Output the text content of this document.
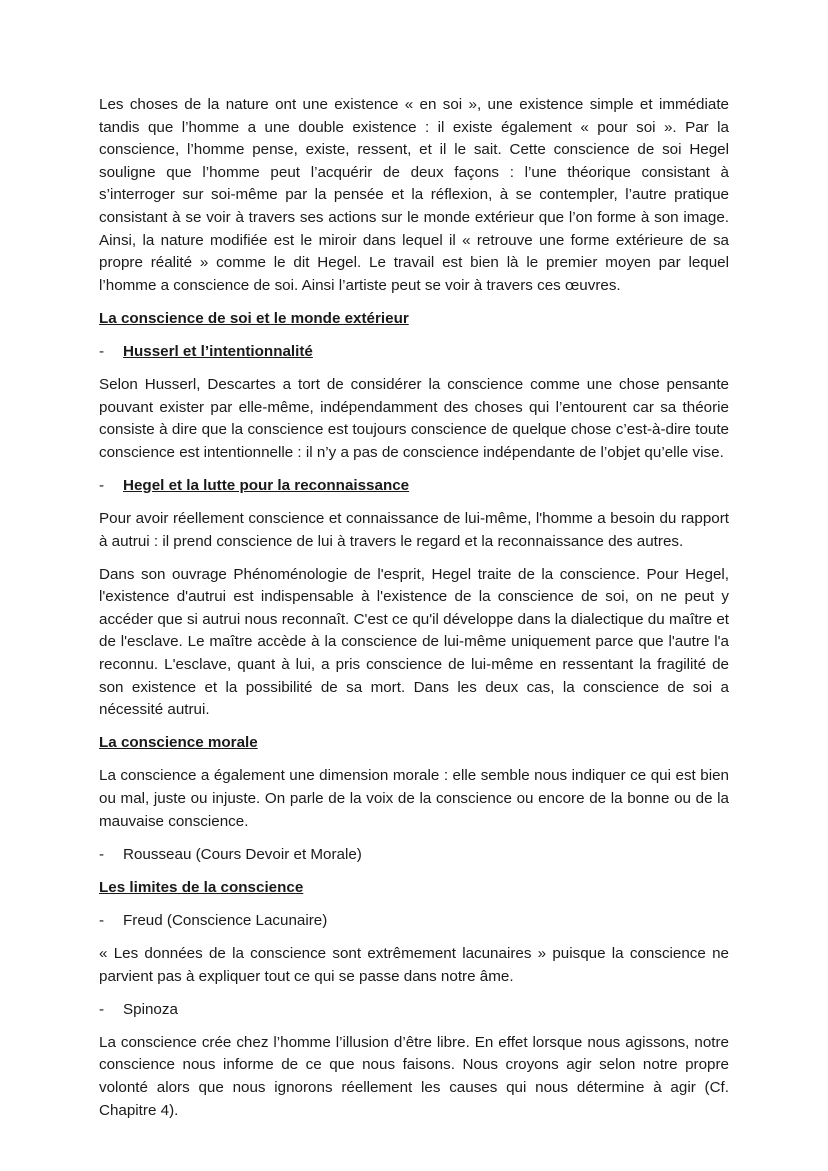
Les choses de la nature ont une existence « en soi », une existence simple et immédiate tandis que l’homme a une double existence : il existe également « pour soi ». Par la conscience, l’homme pense, existe, ressent, et il le sait. Cette conscience de soi Hegel souligne que l’homme peut l’acquérir de deux façons : l’une théorique consistant à s’interroger sur soi-même par la pensée et la réflexion, à se contempler, l’autre pratique consistant à se voir à travers ses actions sur le monde extérieur que l’on forme à son image. Ainsi, la nature modifiée est le miroir dans lequel il « retrouve une forme extérieure de sa propre réalité » comme le dit Hegel. Le travail est bien là le premier moyen par lequel l’homme a conscience de soi. Ainsi l’artiste peut se voir à travers ces œuvres.

La conscience de soi et le monde extérieur
-	Husserl et l’intentionnalité

Selon Husserl, Descartes a tort de considérer la conscience comme une chose pensante pouvant exister par elle-même, indépendamment des choses qui l’entourent car sa théorie consiste à dire que la conscience est toujours conscience de quelque chose c’est-à-dire toute conscience est intentionnelle : il n’y a pas de conscience indépendante de l’objet qu’elle vise.

-	Hegel et la lutte pour la reconnaissance

Pour avoir réellement conscience et connaissance de lui-même, l'homme a besoin du rapport à autrui : il prend conscience de lui à travers le regard et la reconnaissance des autres.

Dans son ouvrage Phénoménologie de l'esprit, Hegel traite de la conscience. Pour Hegel, l'existence d'autrui est indispensable à l'existence de la conscience de soi, on ne peut y accéder que si autrui nous reconnaît. C'est ce qu'il développe dans la dialectique du maître et de l'esclave. Le maître accède à la conscience de lui-même uniquement parce que l'autre l'a reconnu. L'esclave, quant à lui, a pris conscience de lui-même en ressentant la fragilité de son existence et la possibilité de sa mort. Dans les deux cas, la conscience de soi a nécessité autrui.

La conscience morale

La conscience a également une dimension morale : elle semble nous indiquer ce qui est bien ou mal, juste ou injuste. On parle de la voix de la conscience ou encore de la bonne ou de la mauvaise conscience.

-	Rousseau (Cours Devoir et Morale)
Les limites de la conscience
-	Freud (Conscience Lacunaire)

« Les données de la conscience sont extrêmement lacunaires » puisque la conscience ne parvient pas à expliquer tout ce qui se passe dans notre âme.

-	Spinoza

La conscience crée chez l’homme l’illusion d’être libre. En effet lorsque nous agissons, notre conscience nous informe de ce que nous faisons. Nous croyons agir selon notre propre volonté alors que nous ignorons réellement les causes qui nous détermine à agir (Cf. Chapitre 4).
